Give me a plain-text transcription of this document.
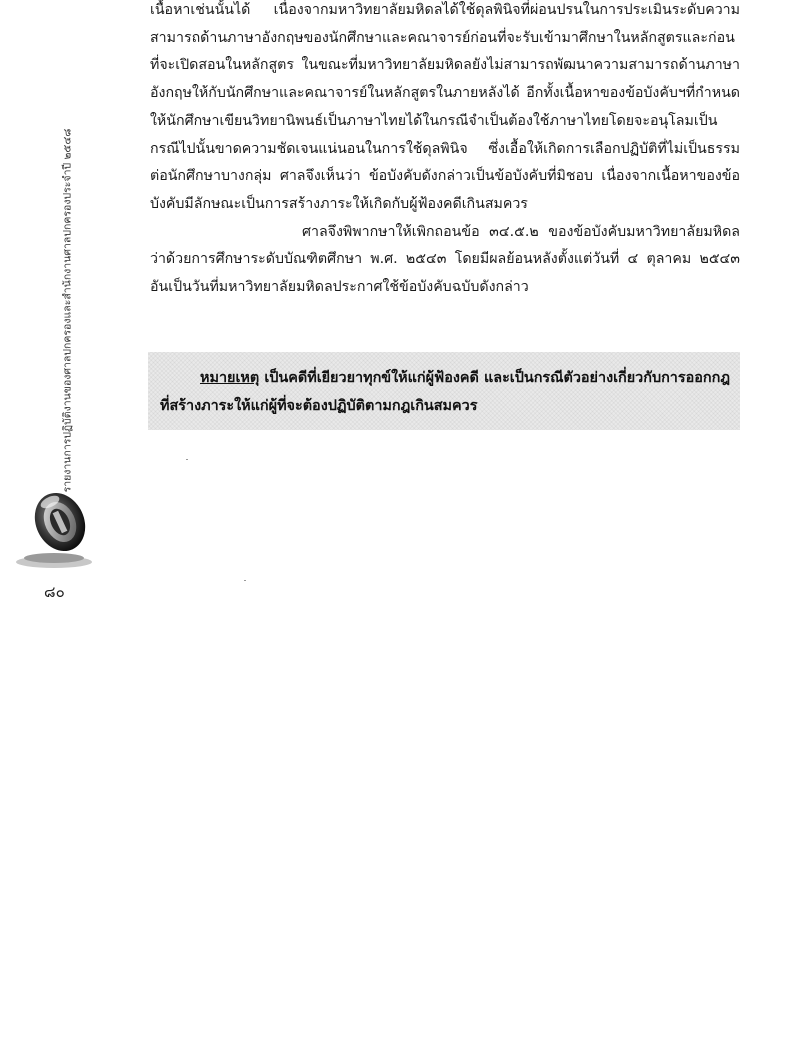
รายงานการปฏิบัติงานของศาลปกครองและสำนักงานศาลปกครองประจำปี ๒๕๔๘
๘๐

เนื้อหาเช่นนั้นได้ เนื่องจากมหาวิทยาลัยมหิดลได้ใช้ดุลพินิจที่ผ่อนปรนในการประเมินระดับความสามารถด้านภาษาอังกฤษของนักศึกษาและคณาจารย์ก่อนที่จะรับเข้ามาศึกษาในหลักสูตรและก่อนที่จะเปิดสอนในหลักสูตร ในขณะที่มหาวิทยาลัยมหิดลยังไม่สามารถพัฒนาความสามารถด้านภาษาอังกฤษให้กับนักศึกษาและคณาจารย์ในหลักสูตรในภายหลังได้ อีกทั้งเนื้อหาของข้อบังคับฯที่กำหนดให้นักศึกษาเขียนวิทยานิพนธ์เป็นภาษาไทยได้ในกรณีจำเป็นต้องใช้ภาษาไทยโดยจะอนุโลมเป็นกรณีไปนั้นขาดความชัดเจนแน่นอนในการใช้ดุลพินิจ ซึ่งเอื้อให้เกิดการเลือกปฏิบัติที่ไม่เป็นธรรมต่อนักศึกษาบางกลุ่ม ศาลจึงเห็นว่า ข้อบังคับดังกล่าวเป็นข้อบังคับที่มิชอบ เนื่องจากเนื้อหาของข้อบังคับมีลักษณะเป็นการสร้างภาระให้เกิดกับผู้ฟ้องคดีเกินสมควร

ศาลจึงพิพากษาให้เพิกถอนข้อ ๓๔.๕.๒ ของข้อบังคับมหาวิทยาลัยมหิดล ว่าด้วยการศึกษาระดับบัณฑิตศึกษา พ.ศ. ๒๕๔๓ โดยมีผลย้อนหลังตั้งแต่วันที่ ๔ ตุลาคม ๒๕๔๓ อันเป็นวันที่มหาวิทยาลัยมหิดลประกาศใช้ข้อบังคับฉบับดังกล่าว

หมายเหตุ เป็นคดีที่เยียวยาทุกข์ให้แก่ผู้ฟ้องคดี และเป็นกรณีตัวอย่างเกี่ยวกับการออกกฎที่สร้างภาระให้แก่ผู้ที่จะต้องปฏิบัติตามกฎเกินสมควร
